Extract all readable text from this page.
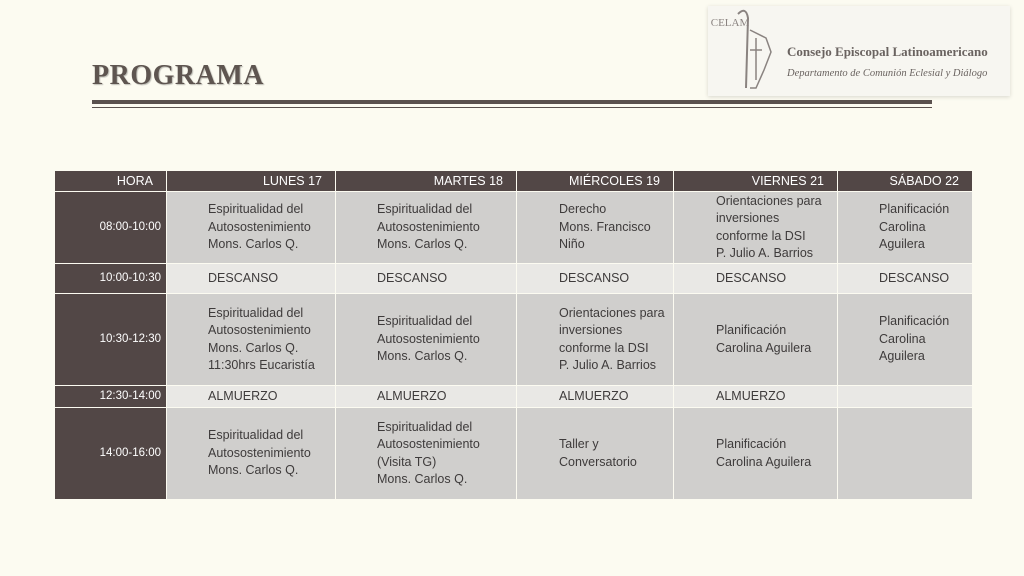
PROGRAMA
CELAM
Consejo Episcopal Latinoamericano
Departamento de Comunión Eclesial y Diálogo
HORA	LUNES 17	MARTES 18	MIÉRCOLES 19	VIERNES 21	SÁBADO 22
08:00-10:00	Espiritualidad del
Autosostenimiento
Mons. Carlos Q.	Espiritualidad del
Autosostenimiento
Mons. Carlos Q.	Derecho
Mons. Francisco
Niño	Orientaciones para
inversiones
conforme la DSI
P. Julio A. Barrios	Planificación
Carolina
Aguilera

10:00-10:30	DESCANSO	DESCANSO	DESCANSO	DESCANSO	DESCANSO

10:30-12:30	Espiritualidad del
Autosostenimiento
Mons. Carlos Q.
11:30hrs Eucaristía	Espiritualidad del
Autosostenimiento
Mons. Carlos Q.	Orientaciones para
inversiones
conforme la DSI
P. Julio A. Barrios	Planificación
Carolina Aguilera	Planificación
Carolina
Aguilera

12:30-14:00	ALMUERZO	ALMUERZO	ALMUERZO	ALMUERZO	

14:00-16:00	Espiritualidad del
Autosostenimiento
Mons. Carlos Q.	Espiritualidad del
Autosostenimiento
(Visita TG)
Mons. Carlos Q.	Taller y
Conversatorio	Planificación
Carolina Aguilera	
